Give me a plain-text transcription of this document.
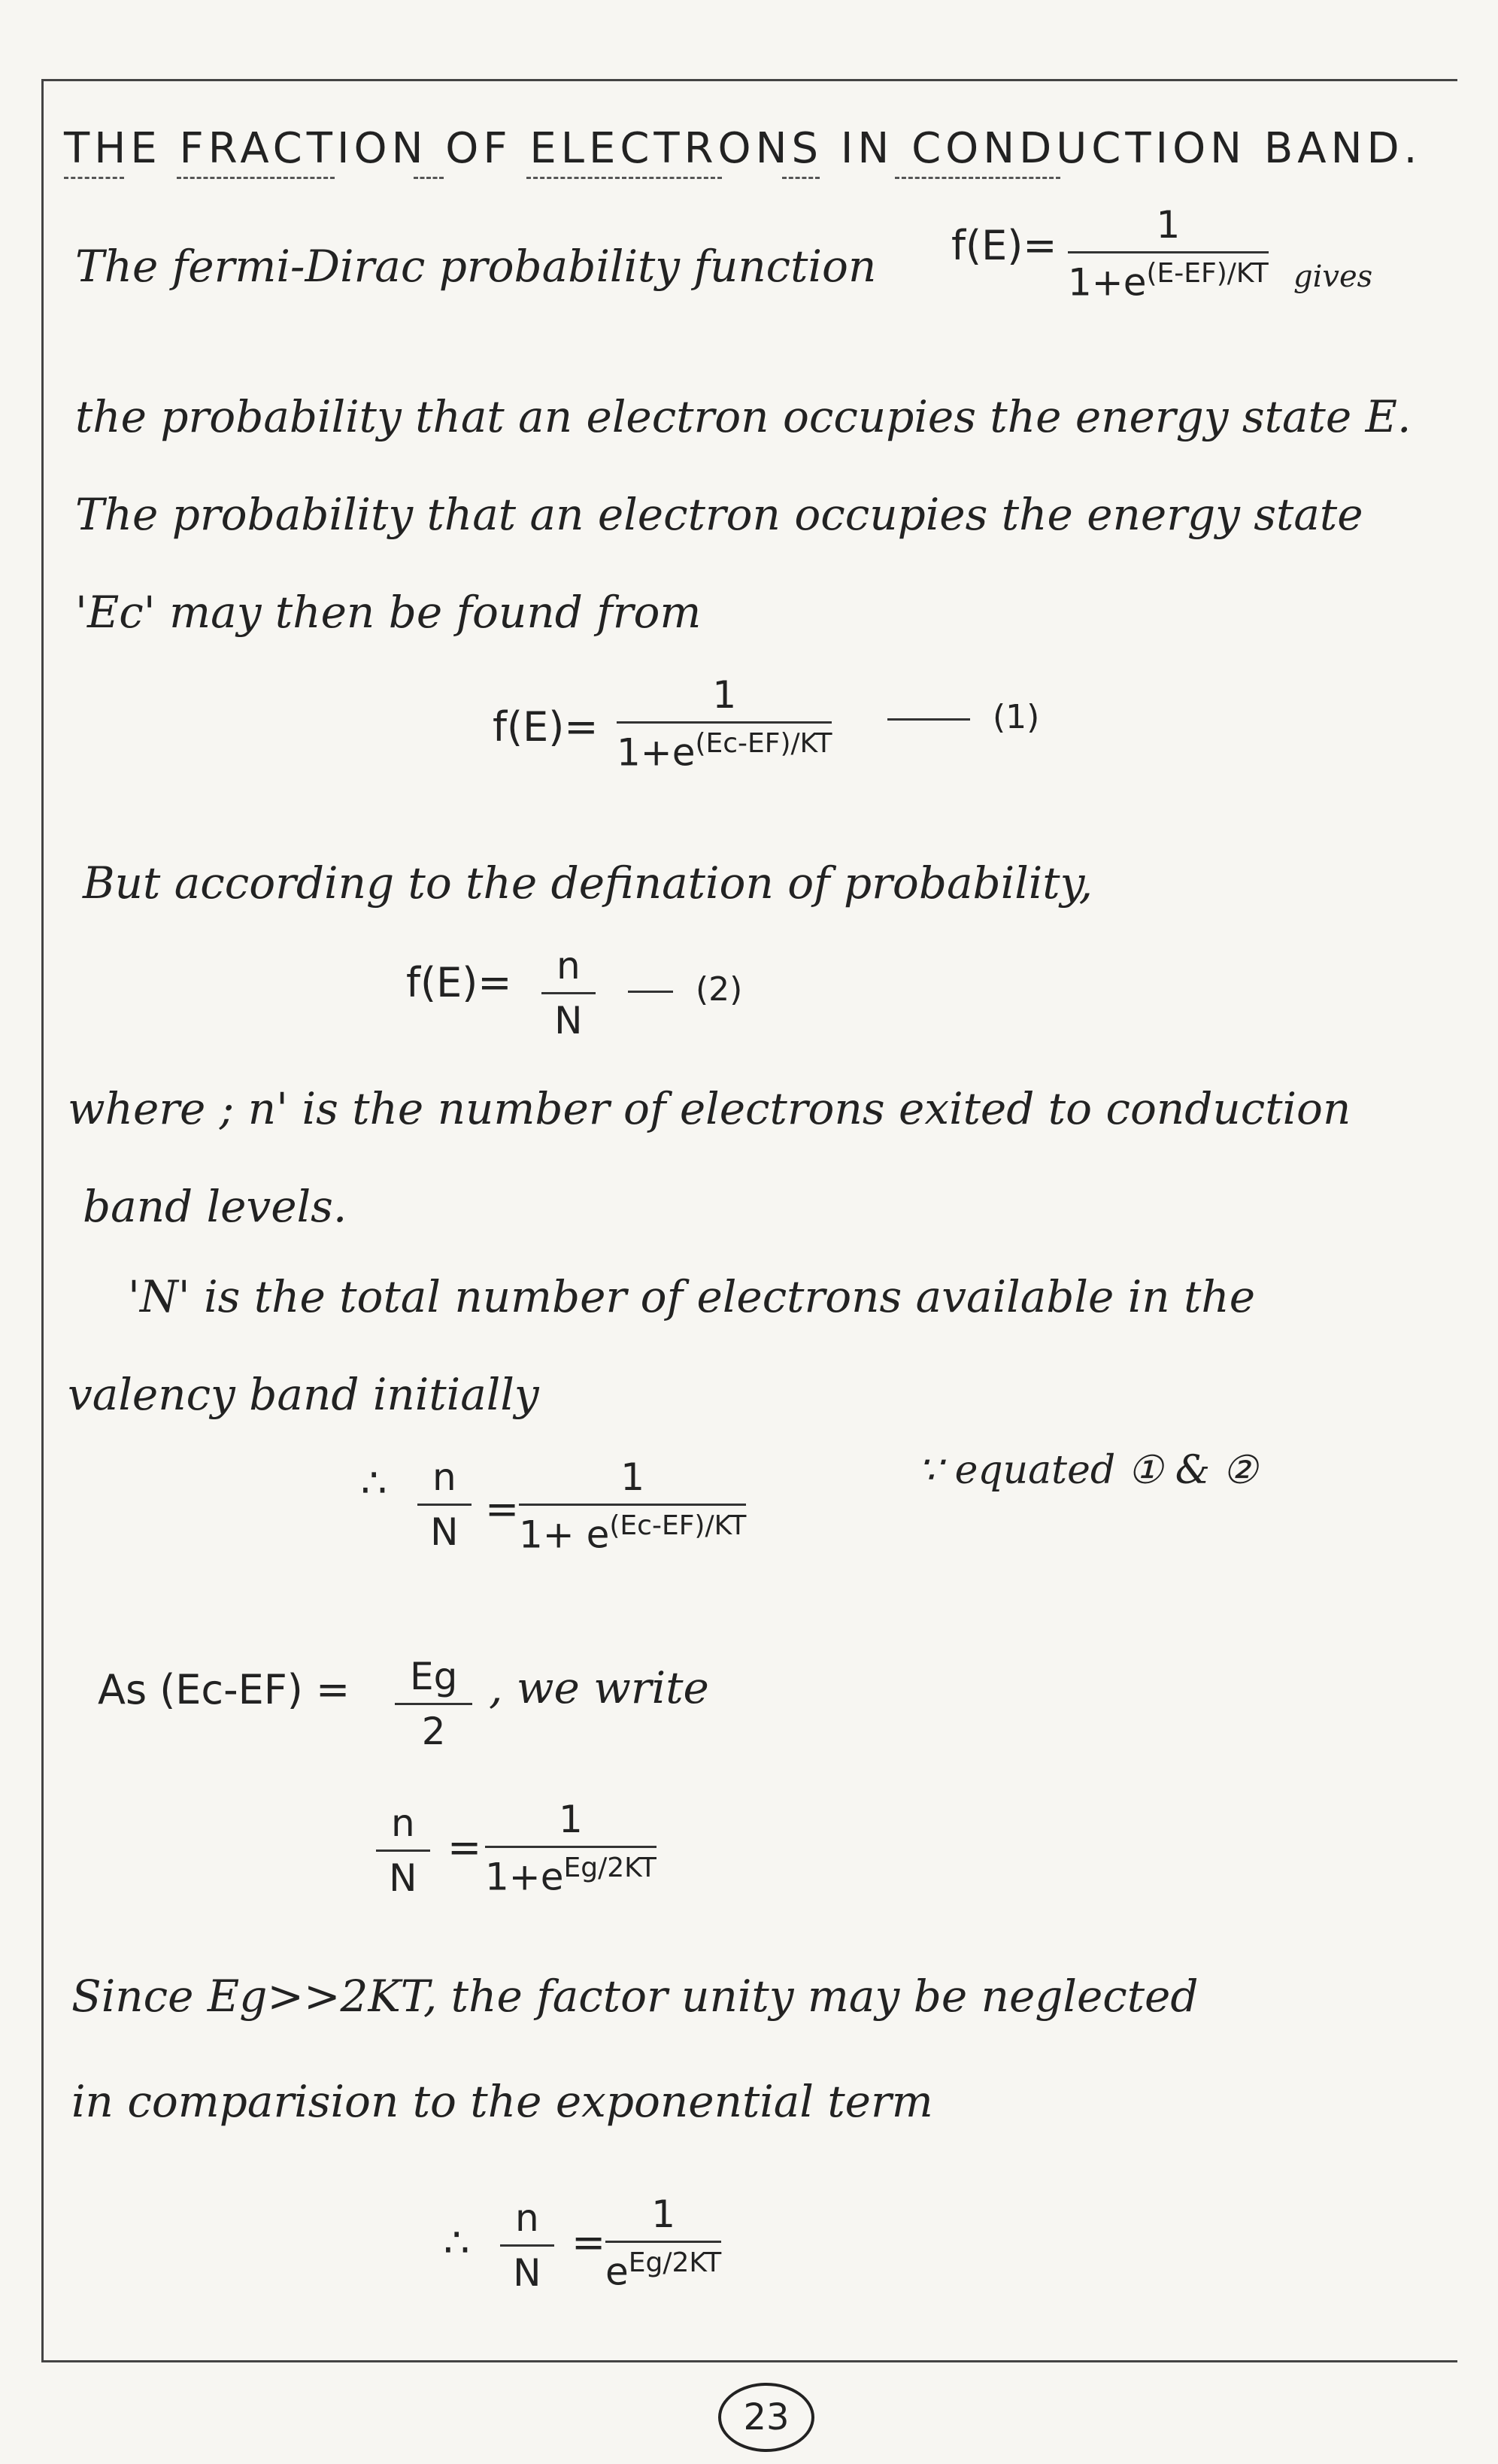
THE FRACTION OF ELECTRONS IN CONDUCTION BAND.
The fermi-Dirac probability function f(E)=	1
$1+e^{(E-EF)/KT}$ gives
the probability that an electron occupies the energy state E.
The probability that an electron occupies the energy state
'Ec' may then be found from
f(E)=
1
$1+e^{(Ec-EF)/KT}$
(1)
But according to the defination of probability,
f(E)=	n
N
(2)
where ; n' is the number of electrons exited to conduction
band levels.
'N' is the total number of electrons available in the
valency band initially
∴	n
N =
1
$1+ e^{(Ec-EF)/KT}$
∵ equated ① & ②
As (Ec-EF) =	Eg
2
, we write
n
N
=
1
$1+e^{Eg/2KT}$
Since Eg>>2KT, the factor unity may be neglected
in comparision to the exponential term
∴
n
N
=
1
$e^{Eg/2KT}$
23
